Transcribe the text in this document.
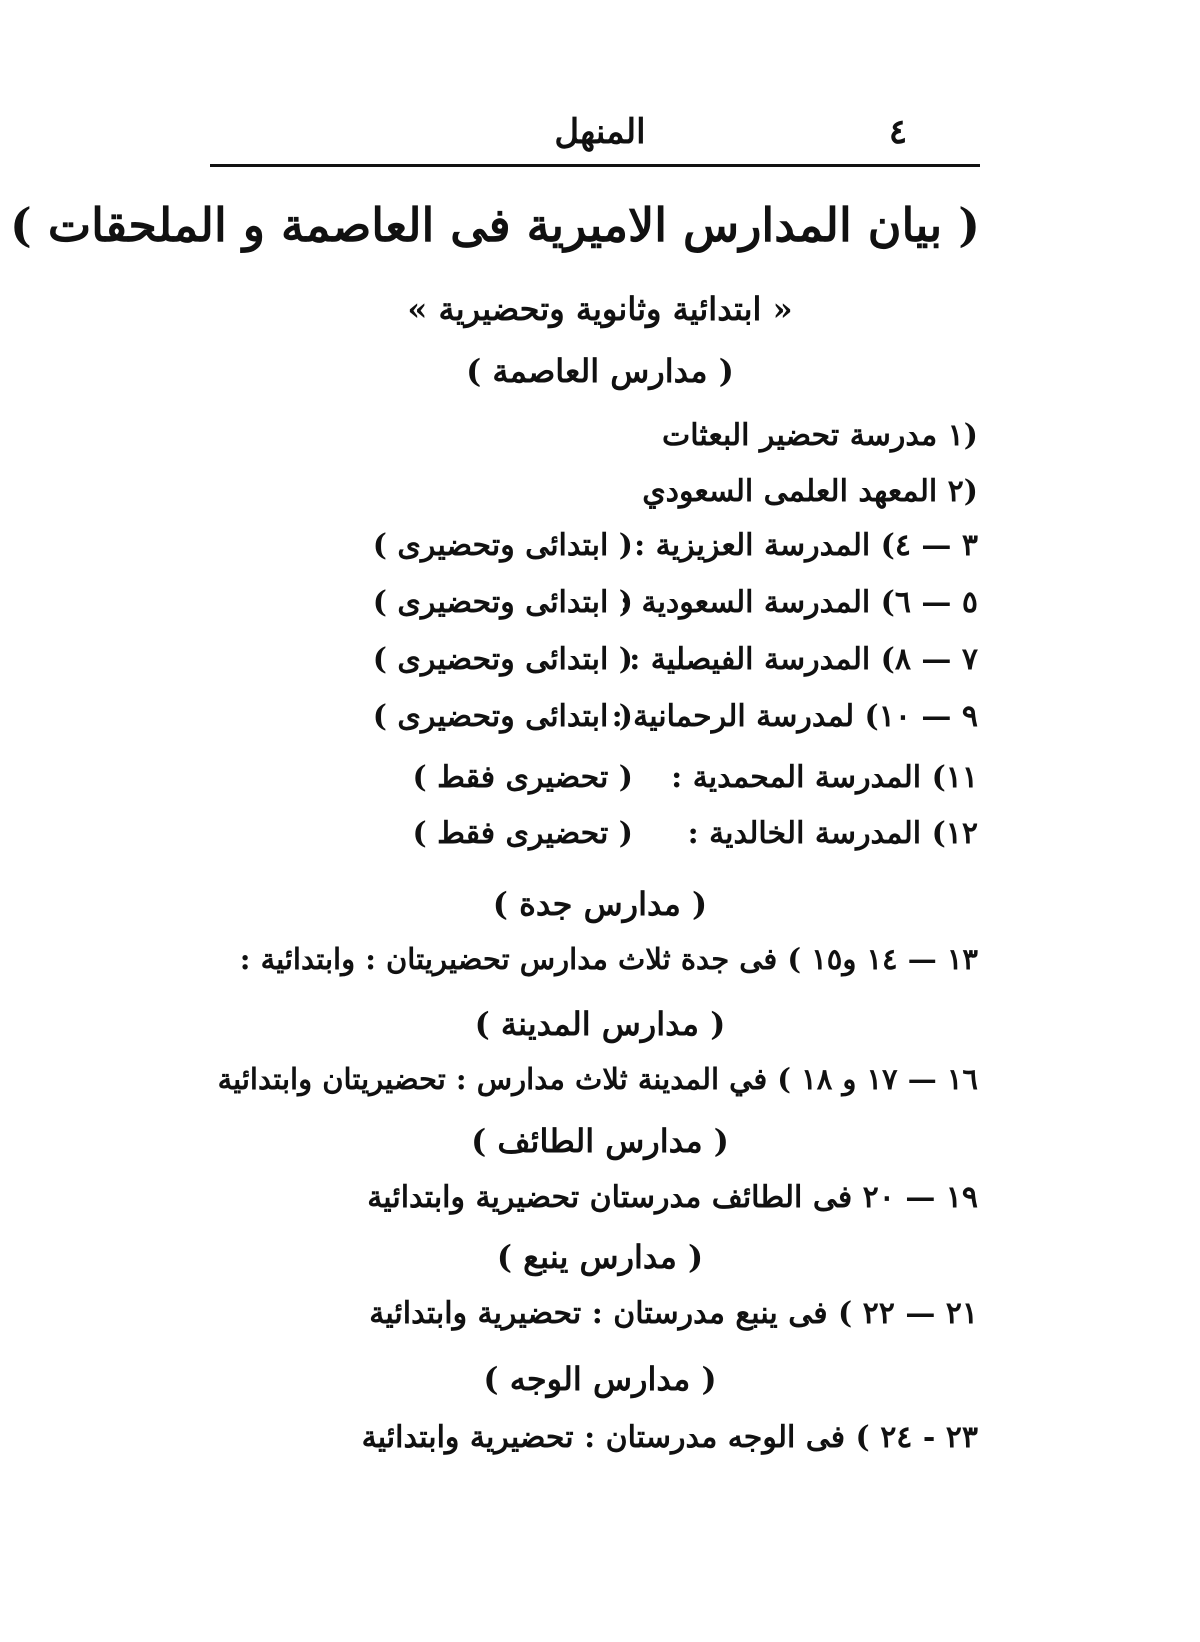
٤
المنهل
( بيان المدارس الاميرية فى العاصمة و الملحقات )
« ابتدائية وثانوية وتحضيرية »
( مدارس العاصمة )
(١ مدرسة تحضير البعثات
(٢ المعهد العلمى السعودي
٣ — ٤) المدرسة العزيزية :
( ابتدائى وتحضيرى )
٥ — ٦) المدرسة السعودية :
( ابتدائى وتحضيرى )
٧ — ٨) المدرسة الفيصلية :
( ابتدائى وتحضيرى )
٩ — ١٠) لمدرسة الرحمانية :
( ابتدائى وتحضيرى )
١١) المدرسة المحمدية :
( تحضيرى فقط )
١٢) المدرسة الخالدية :
( تحضيرى فقط )
( مدارس جدة )
١٣ — ١٤ و١٥ ) فى جدة ثلاث مدارس تحضيريتان : وابتدائية :
( مدارس المدينة )
١٦ — ١٧ و ١٨ ) في المدينة ثلاث مدارس : تحضيريتان وابتدائية
( مدارس الطائف )
١٩ — ٢٠ فى الطائف مدرستان تحضيرية وابتدائية
( مدارس ينبع )
٢١ — ٢٢ ) فى ينبع مدرستان : تحضيرية وابتدائية
( مدارس الوجه )
٢٣ - ٢٤ ) فى الوجه مدرستان : تحضيرية وابتدائية
